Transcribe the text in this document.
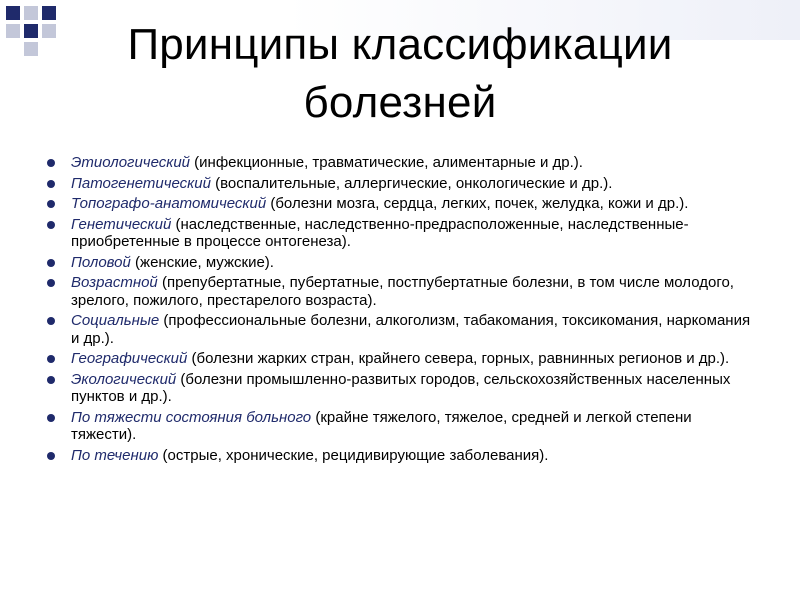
Принципы классификации болезней
Этиологический (инфекционные, травматические, алиментарные и др.).
Патогенетический (воспалительные, аллергические, онкологические и др.).
Топографо-анатомический (болезни мозга, сердца, легких, почек, желудка, кожи и др.).
Генетический (наследственные, наследственно-предрасположенные, наследственные-приобретенные в процессе онтогенеза).
Половой (женские, мужские).
Возрастной (препубертатные, пубертатные, постпубертатные болезни, в том числе молодого, зрелого, пожилого, престарелого возраста).
Социальные (профессиональные болезни, алкоголизм, табакомания, токсикомания, наркомания и др.).
Географический (болезни жарких стран, крайнего севера, горных, равнинных регионов и др.).
Экологический (болезни промышленно-развитых городов, сельскохозяйственных населенных пунктов и др.).
По тяжести состояния больного (крайне тяжелого, тяжелое, средней и легкой степени тяжести).
По течению (острые, хронические, рецидивирующие заболевания).
